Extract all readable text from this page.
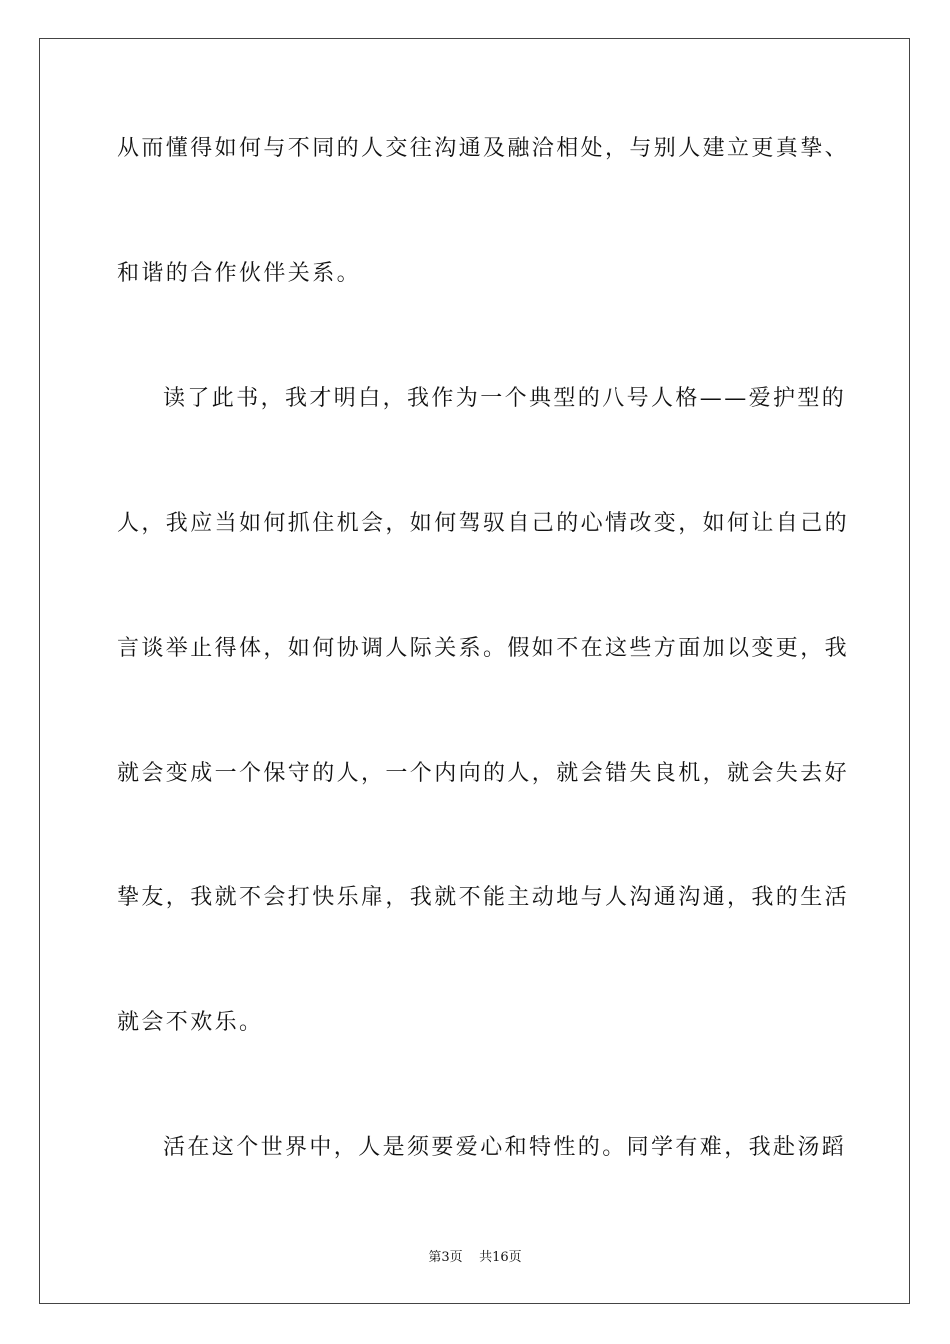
从而懂得如何与不同的人交往沟通及融洽相处，与别人建立更真挚、
和谐的合作伙伴关系。
读了此书，我才明白，我作为一个典型的八号人格——爱护型的
人，我应当如何抓住机会，如何驾驭自己的心情改变，如何让自己的
言谈举止得体，如何协调人际关系。假如不在这些方面加以变更，我
就会变成一个保守的人，一个内向的人，就会错失良机，就会失去好
挚友，我就不会打快乐扉，我就不能主动地与人沟通沟通，我的生活
就会不欢乐。
活在这个世界中，人是须要爱心和特性的。同学有难，我赴汤蹈
第3页 共16页
